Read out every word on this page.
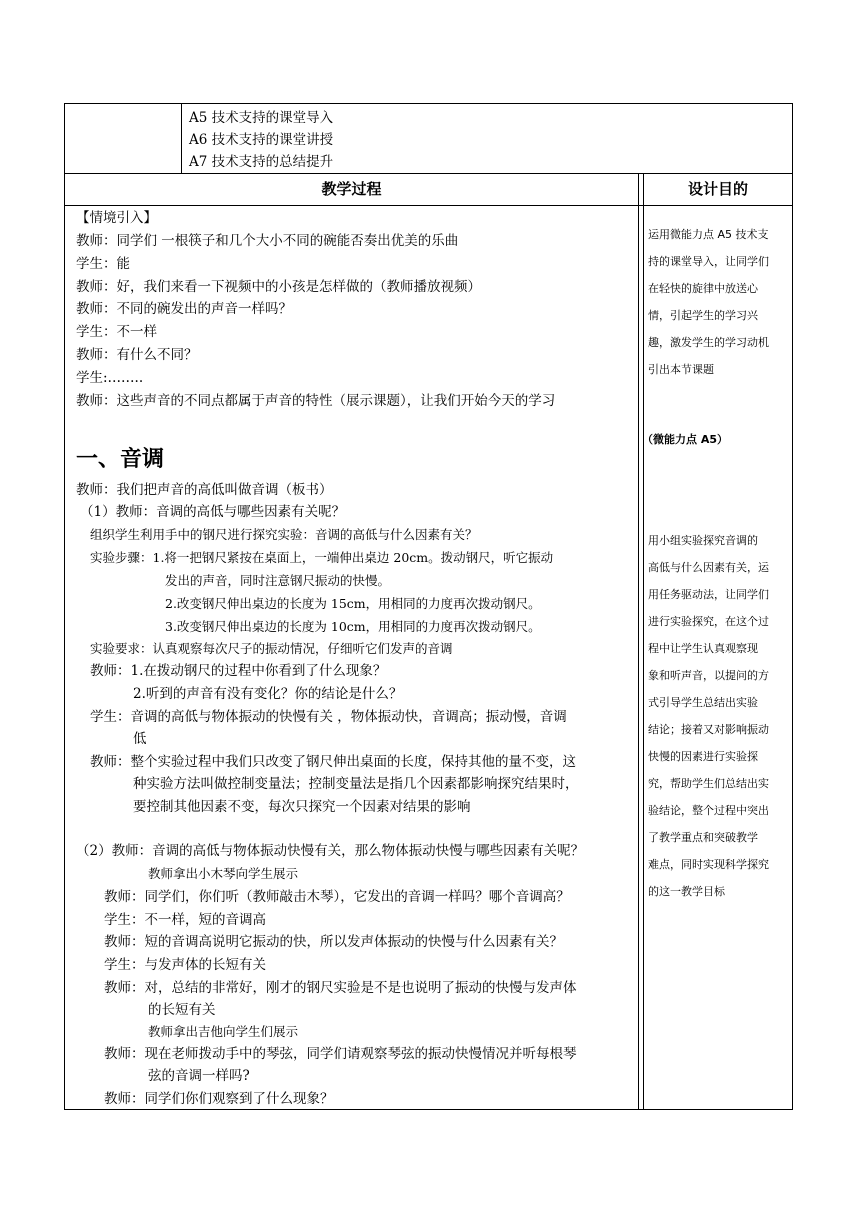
A5 技术支持的课堂导入
A6 技术支持的课堂讲授
A7 技术支持的总结提升
教学过程	设计目的
【情境引入】
教师：同学们 一根筷子和几个大小不同的碗能否奏出优美的乐曲
学生：能
教师：好，我们来看一下视频中的小孩是怎样做的（教师播放视频）
教师：不同的碗发出的声音一样吗？
学生：不一样
教师：有什么不同？
学生:……..
教师：这些声音的不同点都属于声音的特性（展示课题），让我们开始今天的学习
一、音调
教师：我们把声音的高低叫做音调（板书）
（1）教师：音调的高低与哪些因素有关呢？
组织学生利用手中的钢尺进行探究实验：音调的高低与什么因素有关？
实验步骤：1.将一把钢尺紧按在桌面上，一端伸出桌边 20cm。拨动钢尺，听它振动
发出的声音，同时注意钢尺振动的快慢。
2.改变钢尺伸出桌边的长度为 15cm，用相同的力度再次拨动钢尺。
3.改变钢尺伸出桌边的长度为 10cm，用相同的力度再次拨动钢尺。
实验要求：认真观察每次尺子的振动情况，仔细听它们发声的音调
教师：1.在拨动钢尺的过程中你看到了什么现象？
2.听到的声音有没有变化？你的结论是什么？
学生：音调的高低与物体振动的快慢有关 ，物体振动快，音调高；振动慢，音调
低
教师：整个实验过程中我们只改变了钢尺伸出桌面的长度，保持其他的量不变，这
种实验方法叫做控制变量法；控制变量法是指几个因素都影响探究结果时，
要控制其他因素不变，每次只探究一个因素对结果的影响
（2）教师：音调的高低与物体振动快慢有关，那么物体振动快慢与哪些因素有关呢？
教师拿出小木琴向学生展示
教师：同学们，你们听（教师敲击木琴），它发出的音调一样吗？哪个音调高？
学生：不一样，短的音调高
教师：短的音调高说明它振动的快，所以发声体振动的快慢与什么因素有关？
学生：与发声体的长短有关
教师：对，总结的非常好，刚才的钢尺实验是不是也说明了振动的快慢与发声体
的长短有关
教师拿出吉他向学生们展示
教师：现在老师拨动手中的琴弦，同学们请观察琴弦的振动快慢情况并听每根琴
弦的音调一样吗?
教师：同学们你们观察到了什么现象？
运用微能力点 A5 技术支
持的课堂导入，让同学们
在轻快的旋律中放送心
情，引起学生的学习兴
趣，激发学生的学习动机
引出本节课题
（微能力点 A5）
用小组实验探究音调的
高低与什么因素有关，运
用任务驱动法，让同学们
进行实验探究，在这个过
程中让学生认真观察现
象和听声音，以提问的方
式引导学生总结出实验
结论；接着又对影响振动
快慢的因素进行实验探
究，帮助学生们总结出实
验结论，整个过程中突出
了教学重点和突破教学
难点，同时实现科学探究
的这一教学目标
